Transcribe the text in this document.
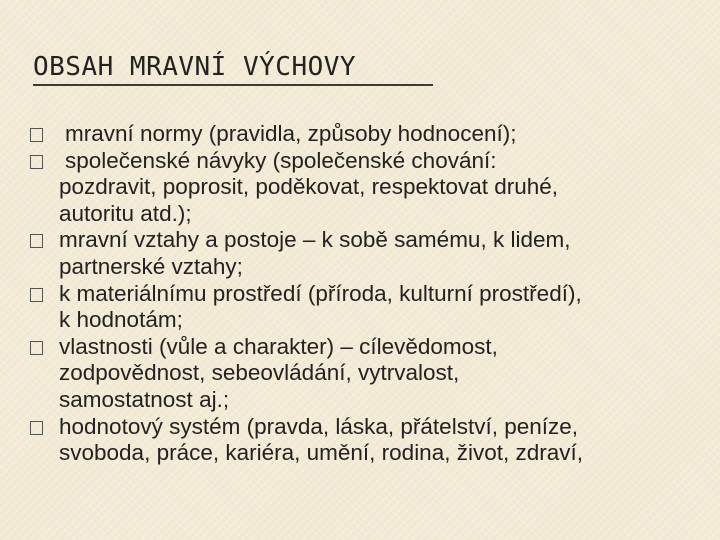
OBSAH MRAVNÍ VÝCHOVY
mravní normy (pravidla, způsoby hodnocení);
společenské návyky (společenské chování:
pozdravit, poprosit, poděkovat, respektovat druhé,
autoritu atd.);
mravní vztahy a postoje – k sobě samému, k lidem,
partnerské vztahy;
k materiálnímu prostředí (příroda, kulturní prostředí),
k hodnotám;
vlastnosti (vůle a charakter) – cílevědomost,
zodpovědnost, sebeovládání, vytrvalost,
samostatnost aj.;
hodnotový systém (pravda, láska, přátelství, peníze,
svoboda, práce, kariéra, umění, rodina, život, zdraví,
